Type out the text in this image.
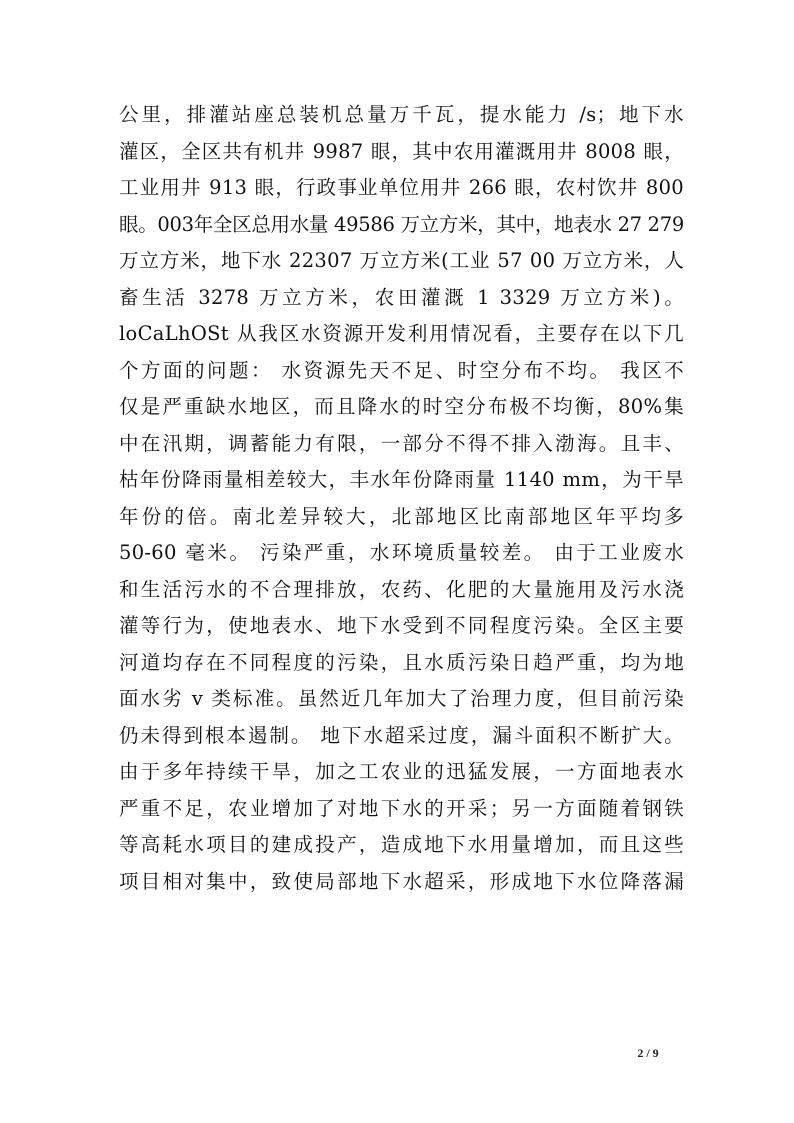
公里，排灌站座总装机总量万千瓦，提水能力 /s；地下水
灌区，全区共有机井 9987 眼，其中农用灌溉用井 8008 眼，
工业用井 913 眼，行政事业单位用井 266 眼，农村饮井 800
眼。003年全区总用水量 49586 万立方米，其中，地表水 27 279
万立方米，地下水 22307 万立方米(工业 57 00 万立方米，人
畜生活 3278 万立方米，农田灌溉 1 3329 万立方米)。
loCaLhOSt 从我区水资源开发利用情况看，主要存在以下几
个方面的问题： 水资源先天不足、时空分布不均。 我区不
仅是严重缺水地区，而且降水的时空分布极不均衡，80%集
中在汛期，调蓄能力有限，一部分不得不排入渤海。且丰、
枯年份降雨量相差较大，丰水年份降雨量 1140 mm，为干旱
年份的倍。南北差异较大，北部地区比南部地区年平均多
50-60 毫米。 污染严重，水环境质量较差。 由于工业废水
和生活污水的不合理排放，农药、化肥的大量施用及污水浇
灌等行为，使地表水、地下水受到不同程度污染。全区主要
河道均存在不同程度的污染，且水质污染日趋严重，均为地
面水劣 v 类标准。虽然近几年加大了治理力度，但目前污染
仍未得到根本遏制。 地下水超采过度，漏斗面积不断扩大。
由于多年持续干旱，加之工农业的迅猛发展，一方面地表水
严重不足，农业增加了对地下水的开采；另一方面随着钢铁
等高耗水项目的建成投产，造成地下水用量增加，而且这些
项目相对集中，致使局部地下水超采，形成地下水位降落漏
2 / 9
